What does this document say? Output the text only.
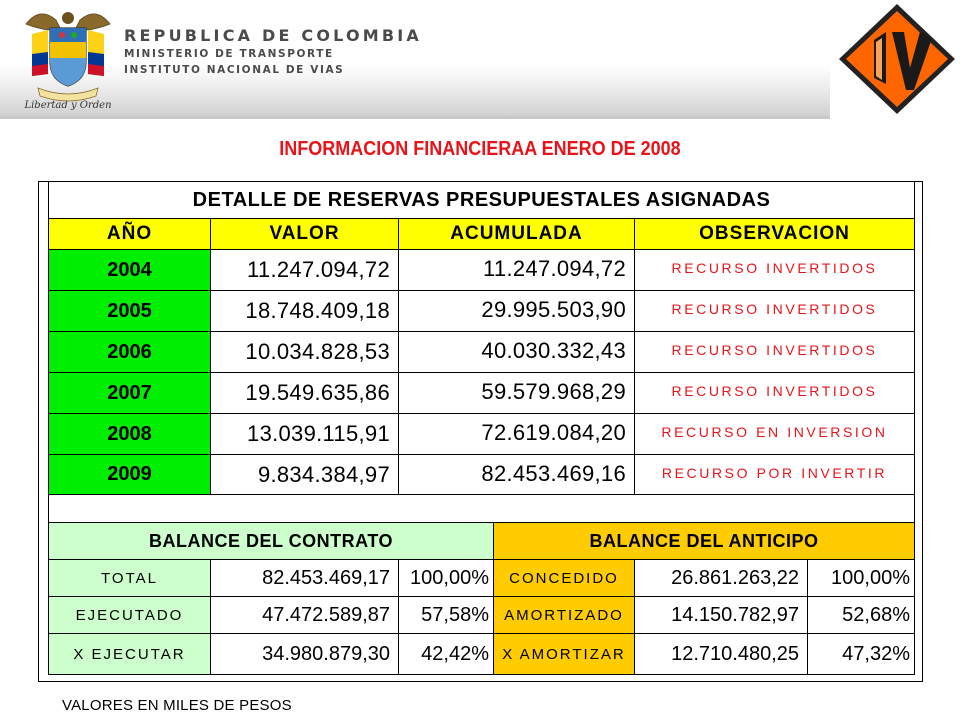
Libertad y Orden
REPUBLICA DE COLOMBIA
MINISTERIO DE TRANSPORTE
INSTITUTO NACIONAL DE VIAS
INFORMACION FINANCIERAA ENERO DE 2008
DETALLE DE RESERVAS PRESUPUESTALES ASIGNADAS
AÑO	VALOR	ACUMULADA	OBSERVACION
2004	11.247.094,72	11.247.094,72	RECURSO INVERTIDOS
2005	18.748.409,18	29.995.503,90	RECURSO INVERTIDOS
2006	10.034.828,53	40.030.332,43	RECURSO INVERTIDOS
2007	19.549.635,86	59.579.968,29	RECURSO INVERTIDOS
2008	13.039.115,91	72.619.084,20	RECURSO EN INVERSION
2009	9.834.384,97	82.453.469,16	RECURSO POR INVERTIR
BALANCE DEL CONTRATO	BALANCE DEL ANTICIPO
TOTAL	82.453.469,17	100,00%	CONCEDIDO	26.861.263,22	100,00%
EJECUTADO	47.472.589,87	57,58%	AMORTIZADO	14.150.782,97	52,68%
X EJECUTAR	34.980.879,30	42,42% X AMORTIZAR	12.710.480,25	47,32%
VALORES EN MILES DE PESOS
